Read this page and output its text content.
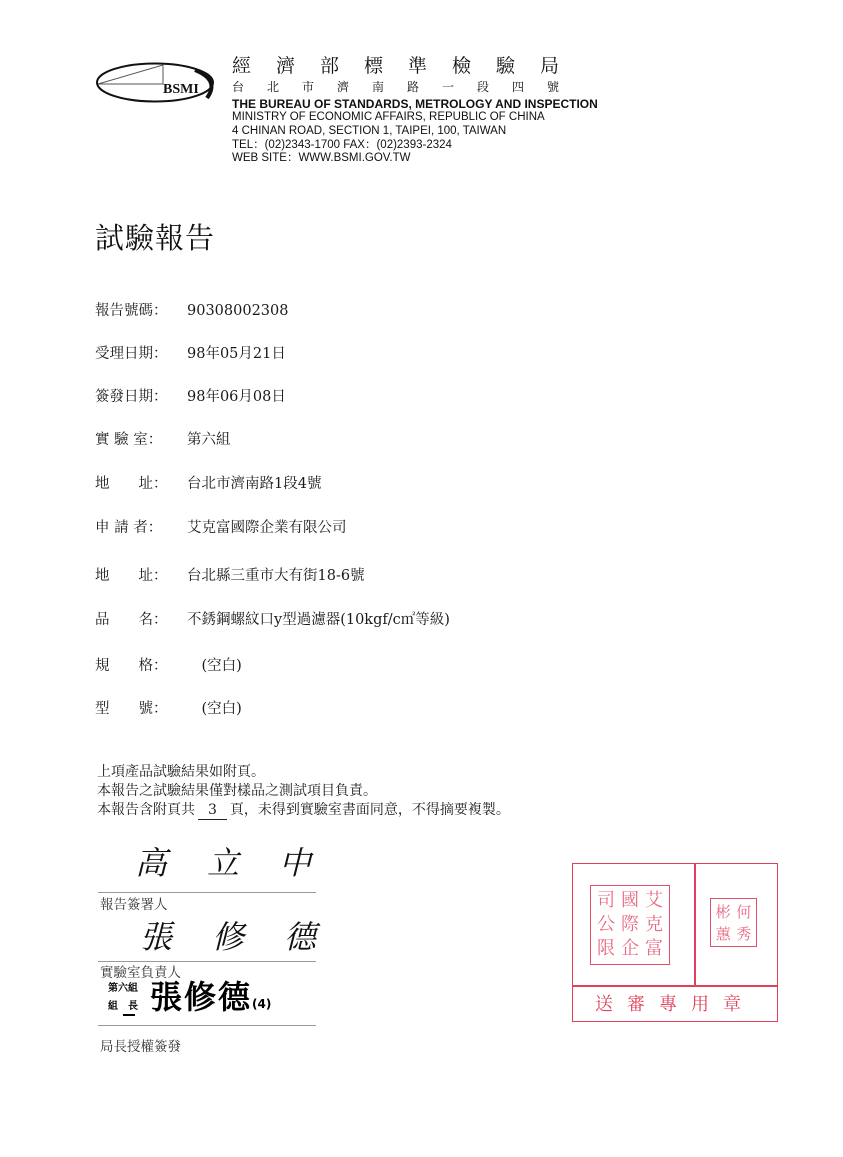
BSMI
經濟部標準檢驗局
台北市濟南路一段四號
THE BUREAU OF STANDARDS, METROLOGY AND INSPECTION
MINISTRY OF ECONOMIC AFFAIRS, REPUBLIC OF CHINA
4 CHINAN ROAD, SECTION 1, TAIPEI, 100, TAIWAN
TEL：(02)2343-1700 FAX：(02)2393-2324
WEB SITE：WWW.BSMI.GOV.TW
試驗報告
報告號碼： 90308002308
受理日期： 98年05月21日
簽發日期： 98年06月08日
實 驗 室： 第六組
地　　址： 台北市濟南路1段4號
申 請 者： 艾克富國際企業有限公司
地　　址： 台北縣三重市大有街18-6號
品　　名： 不銹鋼螺紋口y型過濾器(10kgf/c㎡等級)
規　　格：　(空白)
型　　號：　(空白)
上項產品試驗結果如附頁。
本報告之試驗結果僅對樣品之測試項目負責。
本報告含附頁共 3 頁，未得到實驗室書面同意，不得摘要複製。
高　立　中
報告簽署人
張　修　德
實驗室負責人
第六組
組　長 張修德(4)
局長授權簽發
司 國 艾
公 際 克
限 企 富
彬 何
蕙 秀
送審專用章
